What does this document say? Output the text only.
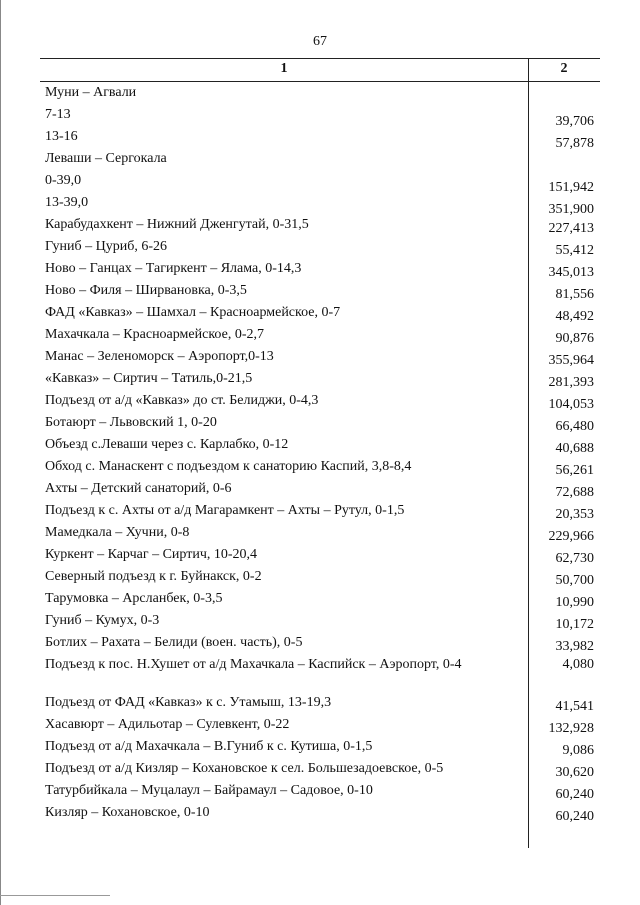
67
1	2
Муни – Агвали
7-13	39,706
13-16	57,878
Леваши – Сергокала
0-39,0	151,942
13-39,0	351,900
Карабудахкент – Нижний Дженгутай, 0-31,5	227,413
Гуниб – Цуриб, 6-26	55,412
Ново – Ганцах – Тагиркент – Ялама, 0-14,3	345,013
Ново – Филя – Ширвановка, 0-3,5	81,556
ФАД «Кавказ» – Шамхал – Красноармейское, 0-7	48,492
Махачкала – Красноармейское, 0-2,7	90,876
Манас – Зеленоморск – Аэропорт,0-13	355,964
«Кавказ» – Сиртич – Татиль,0-21,5	281,393
Подъезд от а/д «Кавказ» до ст. Белиджи, 0-4,3	104,053
Ботаюрт – Львовский 1, 0-20	66,480
Объезд с.Леваши через с. Карлабко, 0-12	40,688
Обход с. Манаскент с подъездом к санаторию Каспий, 3,8-8,4	56,261
Ахты – Детский санаторий, 0-6	72,688
Подъезд к с. Ахты от а/д Магарамкент – Ахты – Рутул, 0-1,5	20,353
Мамедкала – Хучни, 0-8	229,966
Куркент – Карчаг – Сиртич, 10-20,4	62,730
Северный подъезд к г. Буйнакск, 0-2	50,700
Тарумовка – Арсланбек, 0-3,5	10,990
Гуниб – Кумух, 0-3	10,172
Ботлих – Рахата – Белиди (воен. часть), 0-5	33,982
Подъезд к пос. Н.Хушет от а/д Махачкала – Каспийск – Аэропорт, 0-4	4,080
Подъезд от ФАД «Кавказ» к с. Утамыш, 13-19,3	41,541
Хасавюрт – Адильотар – Сулевкент, 0-22	132,928
Подъезд от а/д Махачкала – В.Гуниб к с. Кутиша, 0-1,5	9,086
Подъезд от а/д Кизляр – Кохановское к сел. Большезадоевское, 0-5	30,620
Татурбийкала – Муцалаул – Байрамаул – Садовое, 0-10	60,240
Кизляр – Кохановское, 0-10	60,240
